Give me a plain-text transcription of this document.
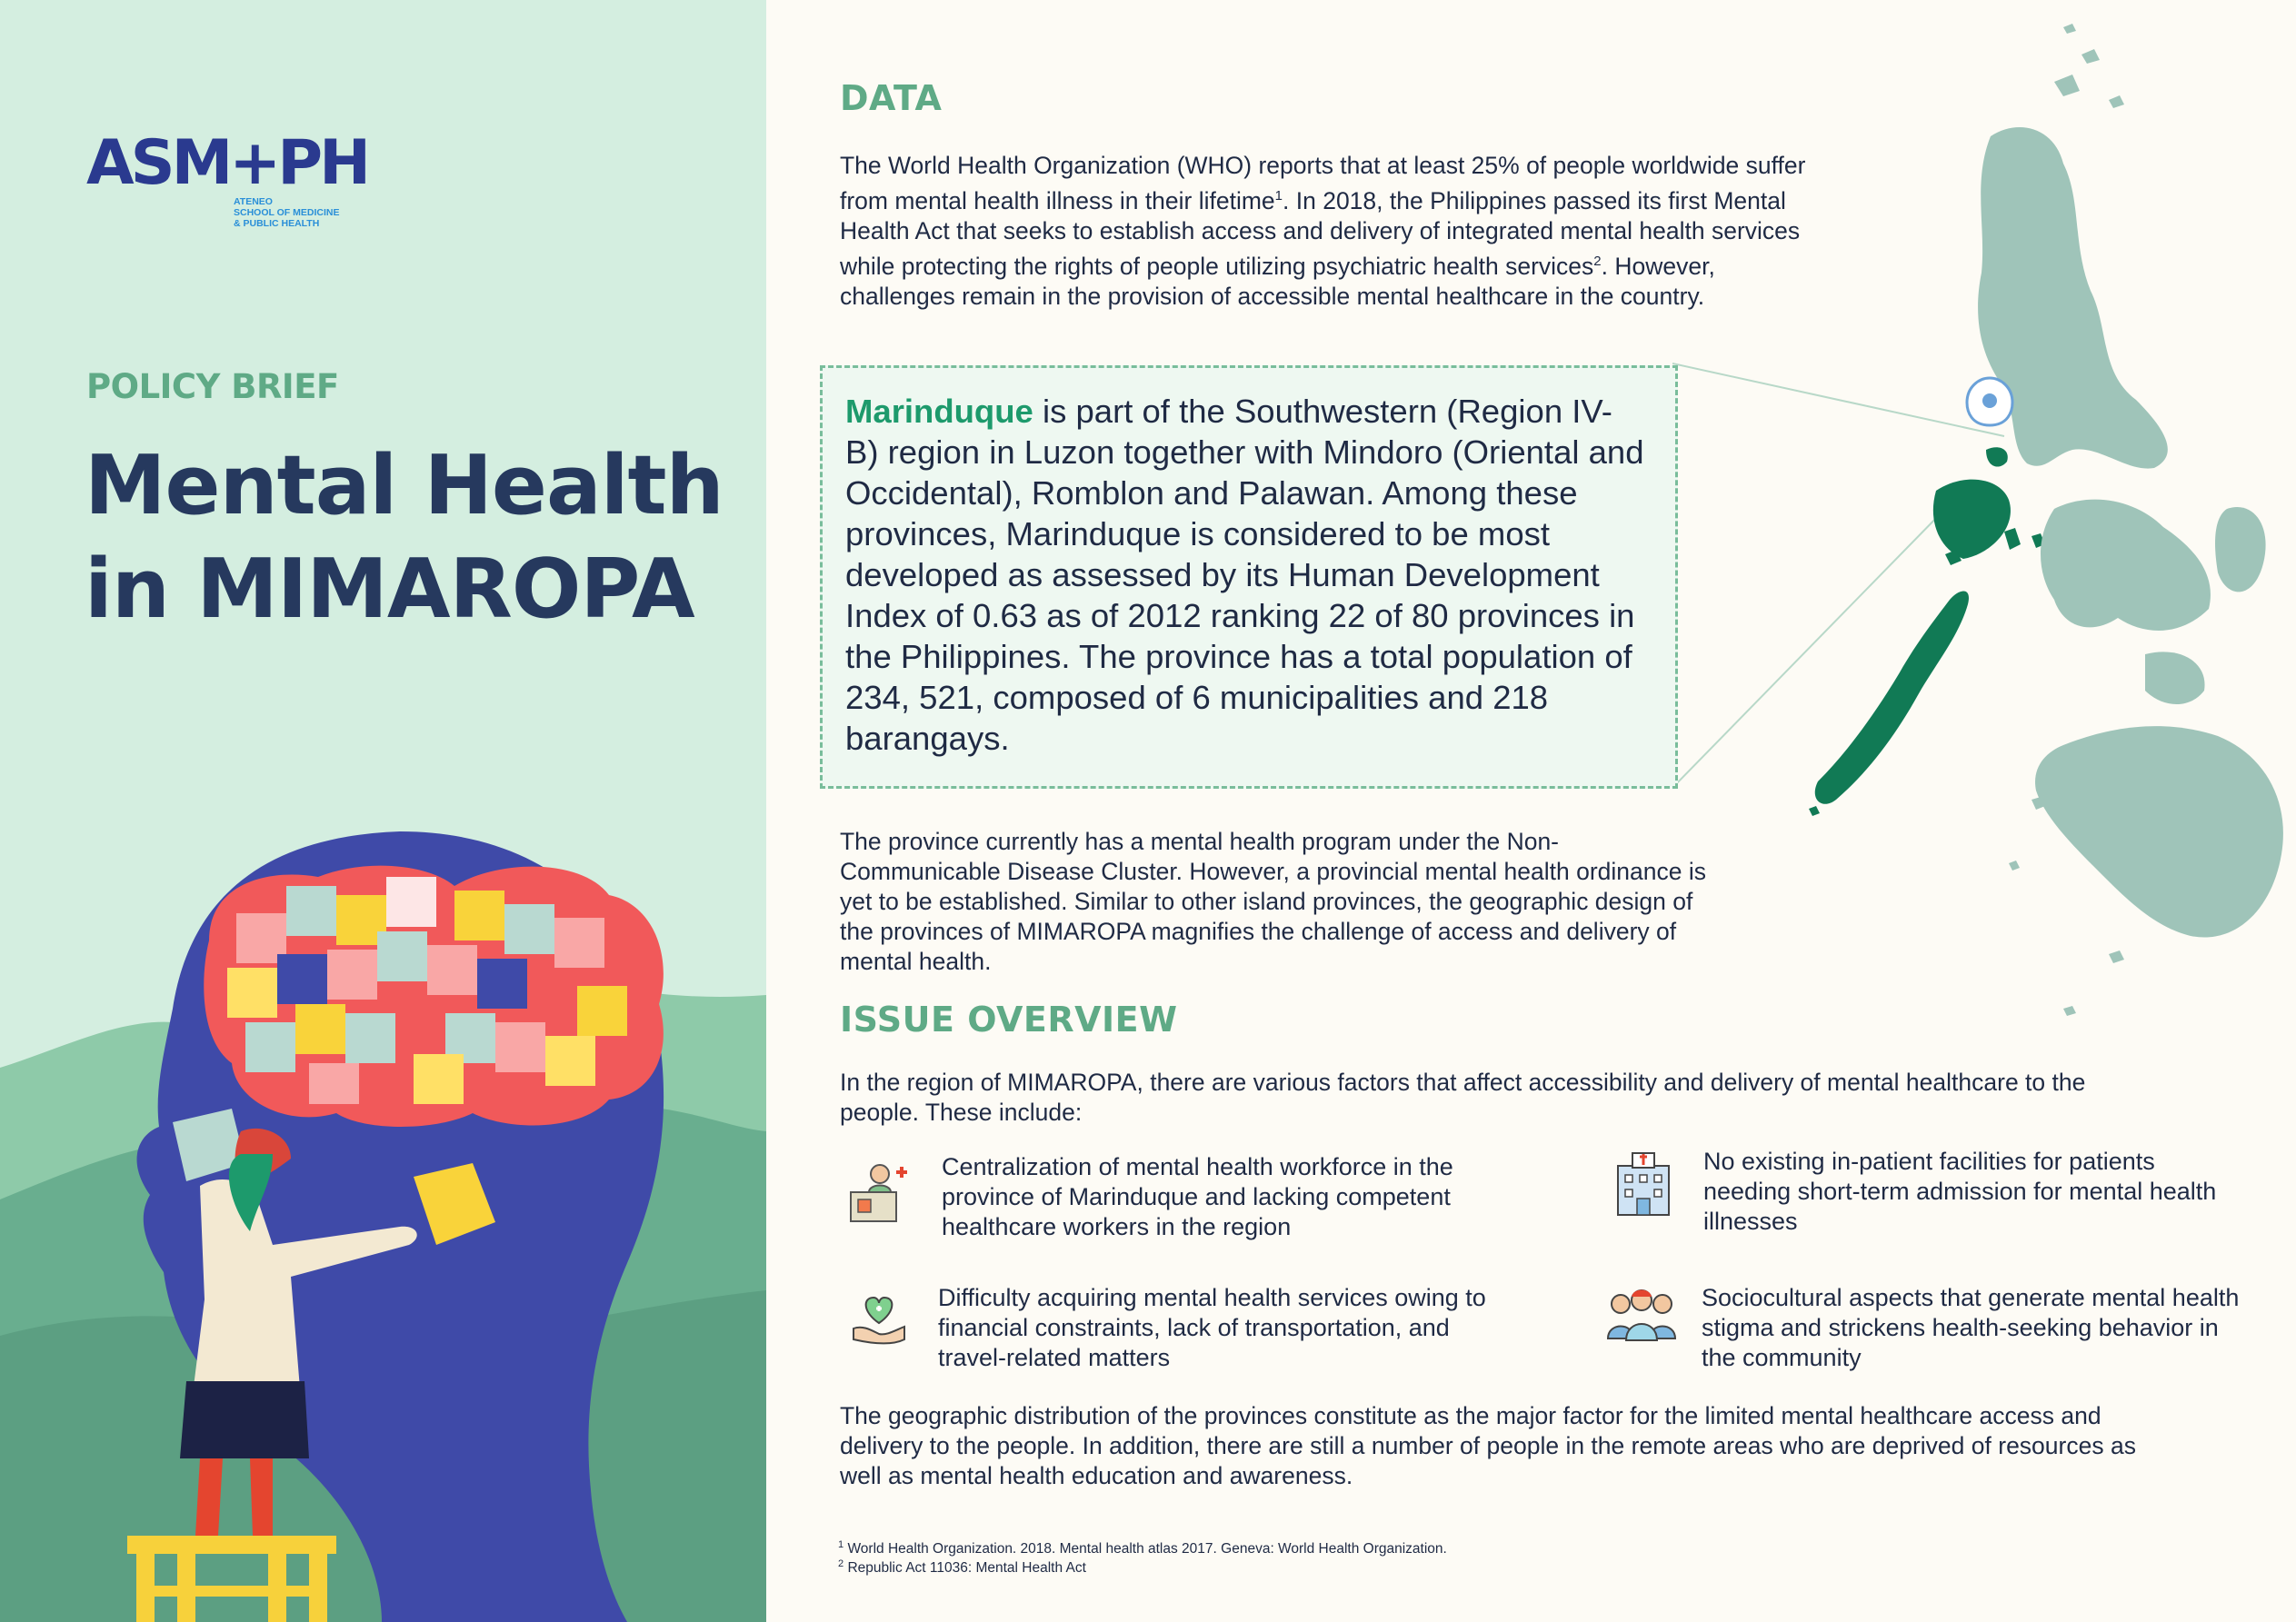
ASM+PH
ATENEO
SCHOOL OF MEDICINE
& PUBLIC HEALTH
POLICY BRIEF
Mental Health
in MIMAROPA
DATA
The World Health Organization (WHO) reports that at least 25% of people worldwide suffer from mental health illness in their lifetime$^1$. In 2018, the Philippines passed its first Mental Health Act that seeks to establish access and delivery of integrated mental health services while protecting the rights of people utilizing psychiatric health services$^2$. However, challenges remain in the provision of accessible mental healthcare in the country.
Marinduque is part of the Southwestern (Region IV-B) region in Luzon together with Mindoro (Oriental and Occidental), Romblon and Palawan. Among these provinces, Marinduque is considered to be most developed as assessed by its Human Development Index of 0.63 as of 2012 ranking 22 of 80 provinces in the Philippines. The province has a total population of 234, 521, composed of 6 municipalities and 218 barangays.
The province currently has a mental health program under the Non-Communicable Disease Cluster. However, a provincial mental health ordinance is yet to be established. Similar to other island provinces, the geographic design of the provinces of MIMAROPA magnifies the challenge of access and delivery of mental health.
ISSUE OVERVIEW
In the region of MIMAROPA, there are various factors that affect accessibility and delivery of mental healthcare to the people. These include:
Centralization of mental health workforce in the province of Marinduque and lacking competent healthcare workers in the region
No existing in-patient facilities for patients needing short-term admission for mental health illnesses
Difficulty acquiring mental health services owing to financial constraints, lack of transportation, and travel-related matters
Sociocultural aspects that generate mental health stigma and strickens health-seeking behavior in the community
The geographic distribution of the provinces constitute as the major factor for the limited mental healthcare access and delivery to the people. In addition, there are still a number of people in the remote areas who are deprived of resources as well as mental health education and awareness.
$^1$ World Health Organization. 2018. Mental health atlas 2017. Geneva: World Health Organization.
$^2$ Republic Act 11036: Mental Health Act
